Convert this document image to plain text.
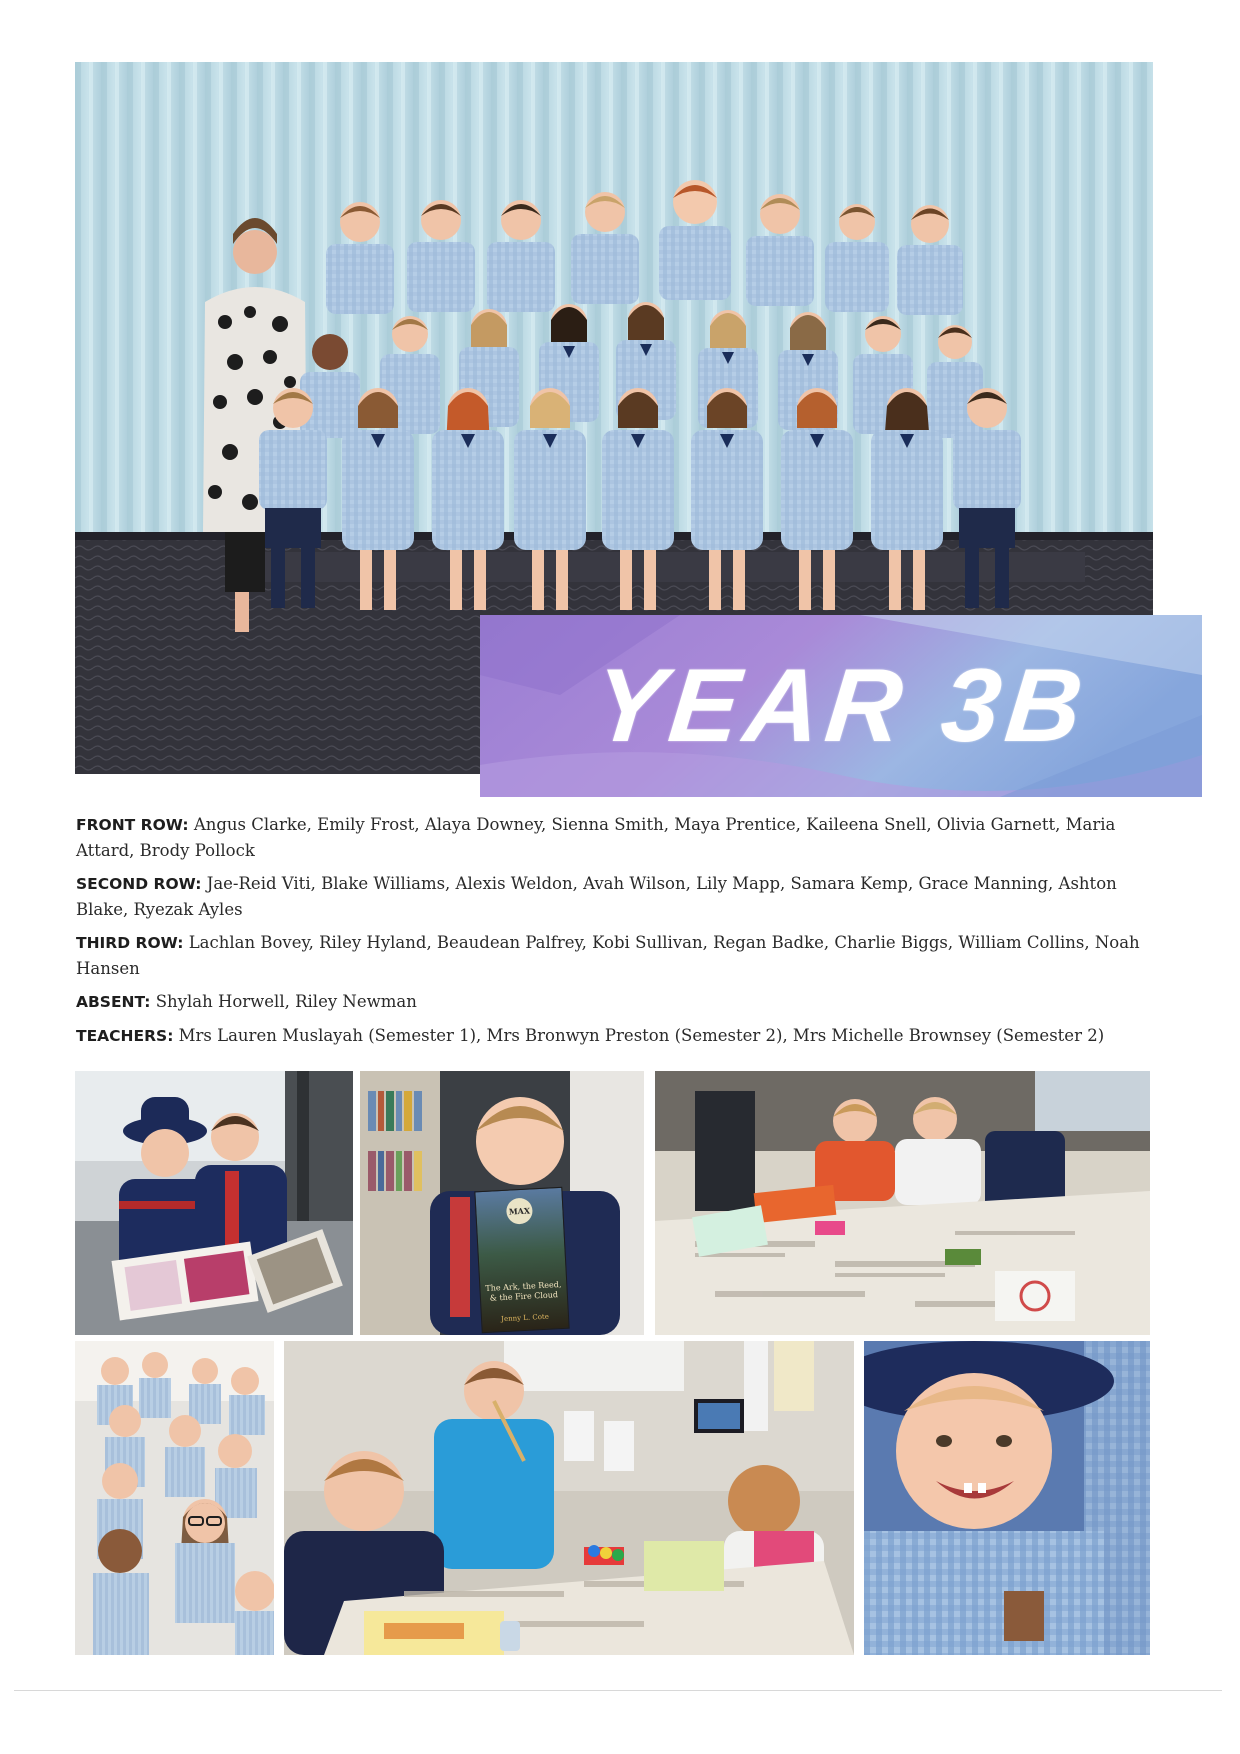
YEAR 3B

FRONT ROW: Angus Clarke, Emily Frost, Alaya Downey, Sienna Smith, Maya Prentice, Kaileena Snell, Olivia Garnett, Maria Attard, Brody Pollock

SECOND ROW: Jae-Reid Viti, Blake Williams, Alexis Weldon, Avah Wilson, Lily Mapp, Samara Kemp, Grace Manning, Ashton Blake, Ryezak Ayles

THIRD ROW: Lachlan Bovey, Riley Hyland, Beaudean Palfrey, Kobi Sullivan, Regan Badke, Charlie Biggs, William Collins, Noah Hansen

ABSENT: Shylah Horwell, Riley Newman

TEACHERS: Mrs Lauren Muslayah (Semester 1), Mrs Bronwyn Preston (Semester 2), Mrs Michelle Brownsey (Semester 2)

MAX
The Ark, the Reed, & the Fire Cloud
Jenny L. Cote
